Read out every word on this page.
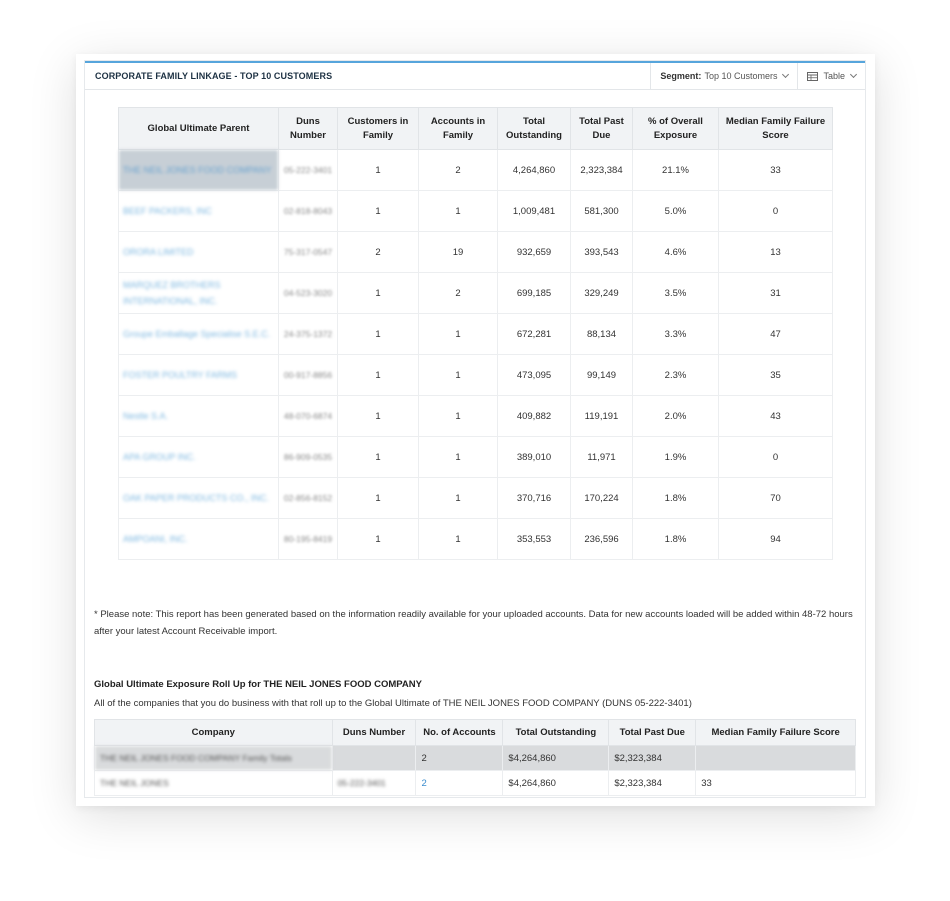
CORPORATE FAMILY LINKAGE - TOP 10 CUSTOMERS	Segment: Top 10 Customers	Table
Global Ultimate Parent	Duns Number	Customers in Family	Accounts in Family	Total Outstanding	Total Past Due	% of Overall Exposure	Median Family Failure Score
THE NEIL JONES FOOD COMPANY	05-222-3401	1	2	4,264,860	2,323,384	21.1%	33
BEEF PACKERS, INC	02-818-8043	1	1	1,009,481	581,300	5.0%	0
ORORA LIMITED	75-317-0547	2	19	932,659	393,543	4.6%	13
MARQUEZ BROTHERS INTERNATIONAL, INC.	04-523-3020	1	2	699,185	329,249	3.5%	31
Groupe Emballage Specialise S.E.C.	24-375-1372	1	1	672,281	88,134	3.3%	47
FOSTER POULTRY FARMS	00-917-8856	1	1	473,095	99,149	2.3%	35
Nestle S.A.	48-070-6874	1	1	409,882	119,191	2.0%	43
APA GROUP INC.	86-909-0535	1	1	389,010	11,971	1.9%	0
OAK PAPER PRODUCTS CO., INC.	02-856-8152	1	1	370,716	170,224	1.8%	70
AMPOANI, INC.	80-195-8419	1	1	353,553	236,596	1.8%	94
* Please note: This report has been generated based on the information readily available for your uploaded accounts. Data for new accounts loaded will be added within 48-72 hours after your latest Account Receivable import.
Global Ultimate Exposure Roll Up for THE NEIL JONES FOOD COMPANY
All of the companies that you do business with that roll up to the Global Ultimate of THE NEIL JONES FOOD COMPANY (DUNS 05-222-3401)
Company	Duns Number	No. of Accounts	Total Outstanding	Total Past Due	Median Family Failure Score
THE NEIL JONES FOOD COMPANY Family Totals		2	$4,264,860	$2,323,384	
THE NEIL JONES	05-222-3401	2	$4,264,860	$2,323,384	33
